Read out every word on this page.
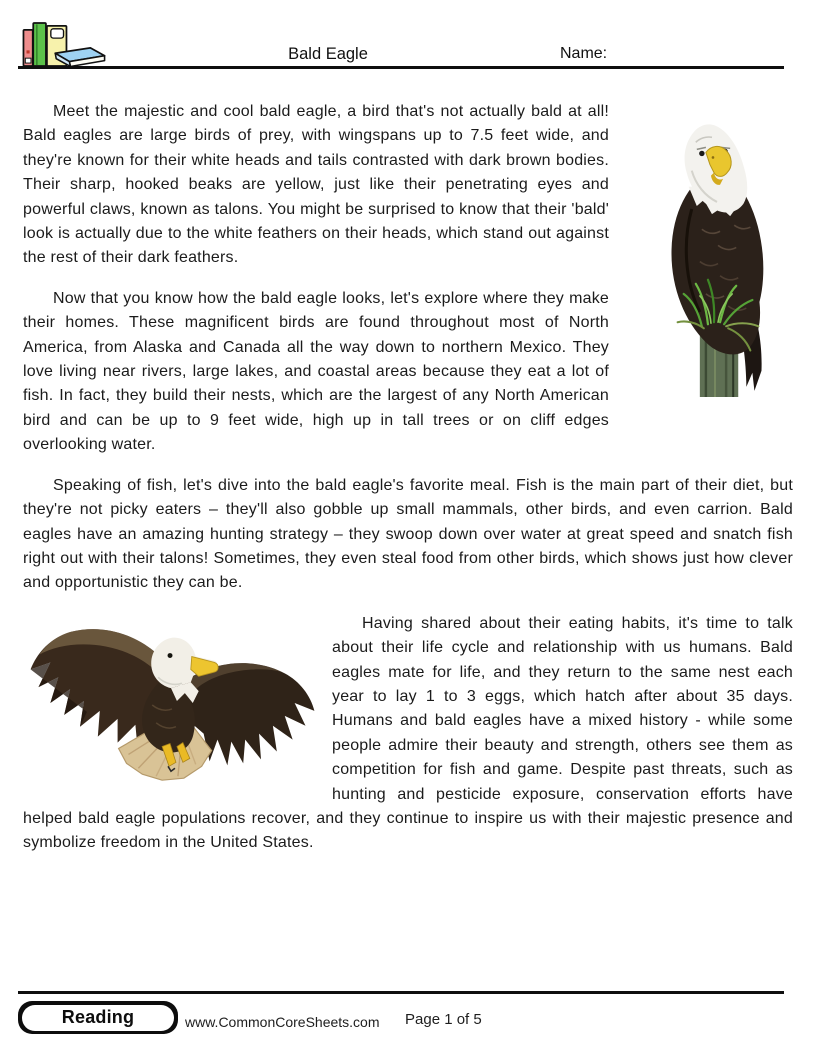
Bald Eagle	Name:

Meet the majestic and cool bald eagle, a bird that's not actually bald at all! Bald eagles are large birds of prey, with wingspans up to 7.5 feet wide, and they're known for their white heads and tails contrasted with dark brown bodies. Their sharp, hooked beaks are yellow, just like their penetrating eyes and powerful claws, known as talons. You might be surprised to know that their 'bald' look is actually due to the white feathers on their heads, which stand out against the rest of their dark feathers.

Now that you know how the bald eagle looks, let's explore where they make their homes. These magnificent birds are found throughout most of North America, from Alaska and Canada all the way down to northern Mexico. They love living near rivers, large lakes, and coastal areas because they eat a lot of fish. In fact, they build their nests, which are the largest of any North American bird and can be up to 9 feet wide, high up in tall trees or on cliff edges overlooking water.

Speaking of fish, let's dive into the bald eagle's favorite meal. Fish is the main part of their diet, but they're not picky eaters – they'll also gobble up small mammals, other birds, and even carrion. Bald eagles have an amazing hunting strategy – they swoop down over water at great speed and snatch fish right out with their talons! Sometimes, they even steal food from other birds, which shows just how clever and opportunistic they can be.

Having shared about their eating habits, it's time to talk about their life cycle and relationship with us humans. Bald eagles mate for life, and they return to the same nest each year to lay 1 to 3 eggs, which hatch after about 35 days. Humans and bald eagles have a mixed history - while some people admire their beauty and strength, others see them as competition for fish and game. Despite past threats, such as hunting and pesticide exposure, conservation efforts have helped bald eagle populations recover, and they continue to inspire us with their majestic presence and symbolize freedom in the United States.

Reading	www.CommonCoreSheets.com Page 1 of 5
